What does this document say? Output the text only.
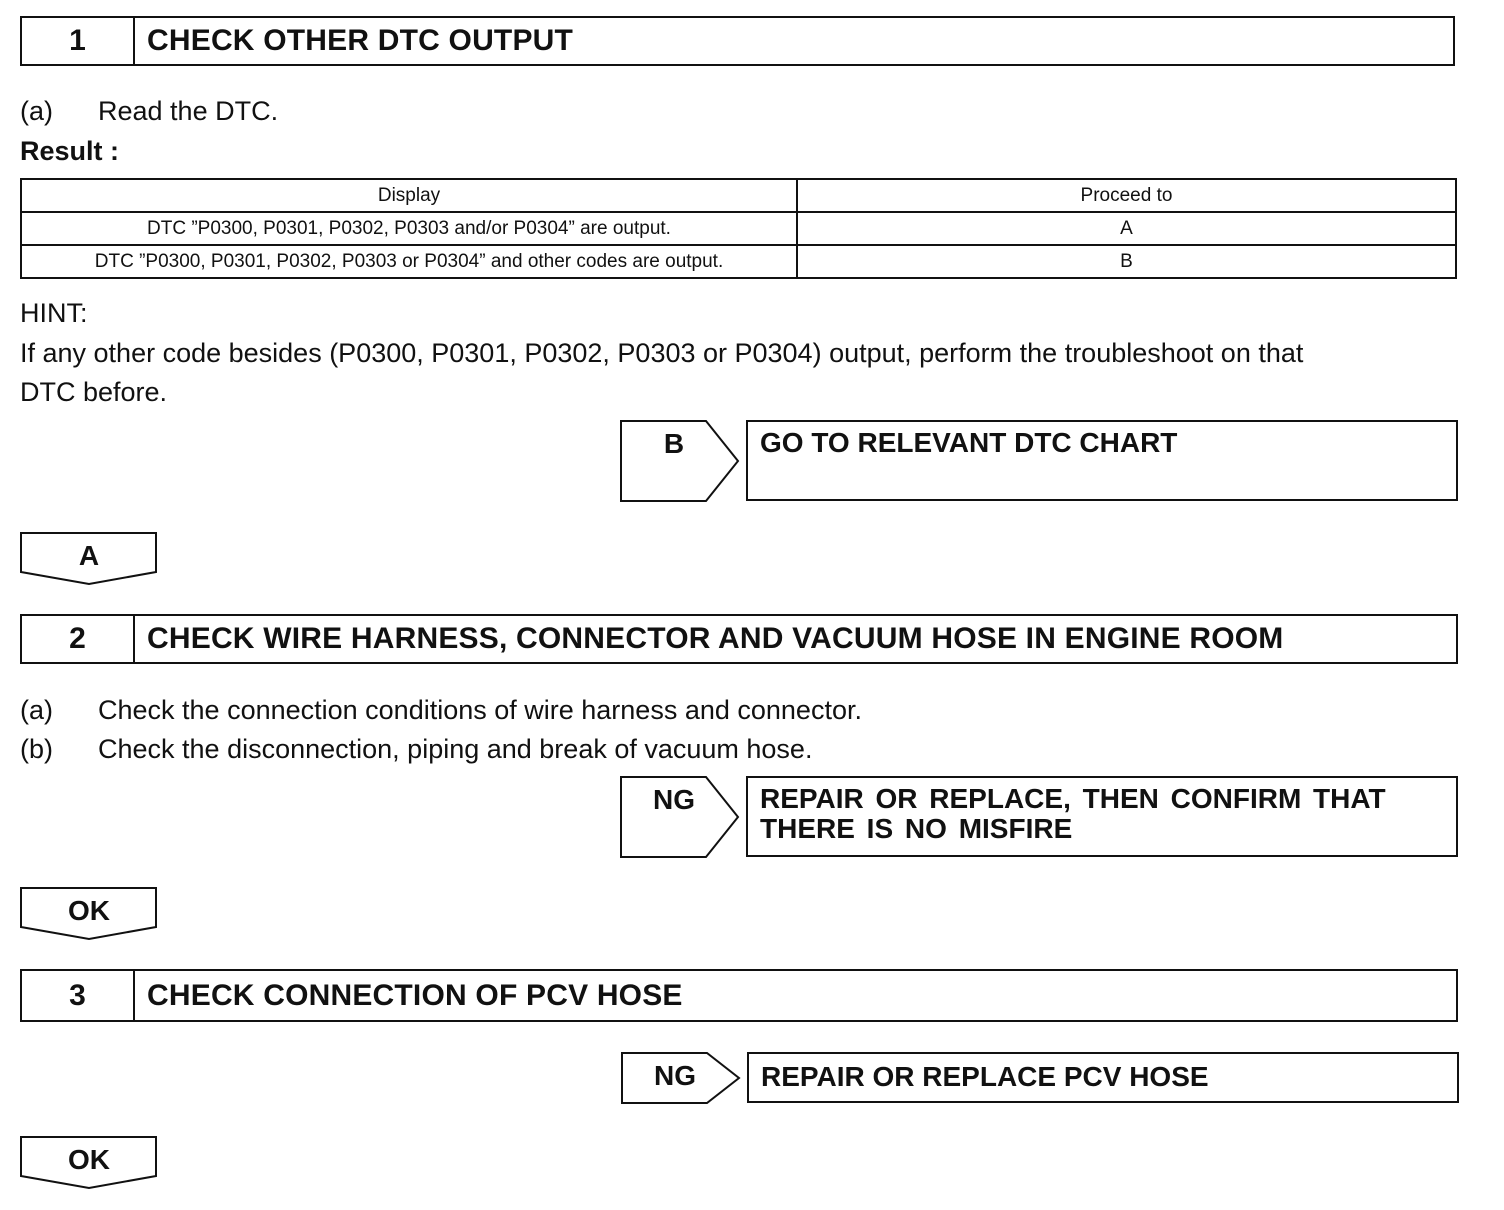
1	CHECK OTHER DTC OUTPUT
(a) Read the DTC.
Result :
Display	Proceed to
DTC ”P0300, P0301, P0302, P0303 and/or P0304” are output.	A
DTC ”P0300, P0301, P0302, P0303 or P0304” and other codes are output.	B
HINT:
If any other code besides (P0300, P0301, P0302, P0303 or P0304) output, perform the troubleshoot on that
DTC before.
B	GO TO RELEVANT DTC CHART
A
2	CHECK WIRE HARNESS, CONNECTOR AND VACUUM HOSE IN ENGINE ROOM
(a) Check the connection conditions of wire harness and connector.
(b) Check the disconnection, piping and break of vacuum hose.
NG	REPAIR OR REPLACE, THEN CONFIRM THAT
THERE IS NO MISFIRE
OK
3	CHECK CONNECTION OF PCV HOSE
NG	REPAIR OR REPLACE PCV HOSE
OK
